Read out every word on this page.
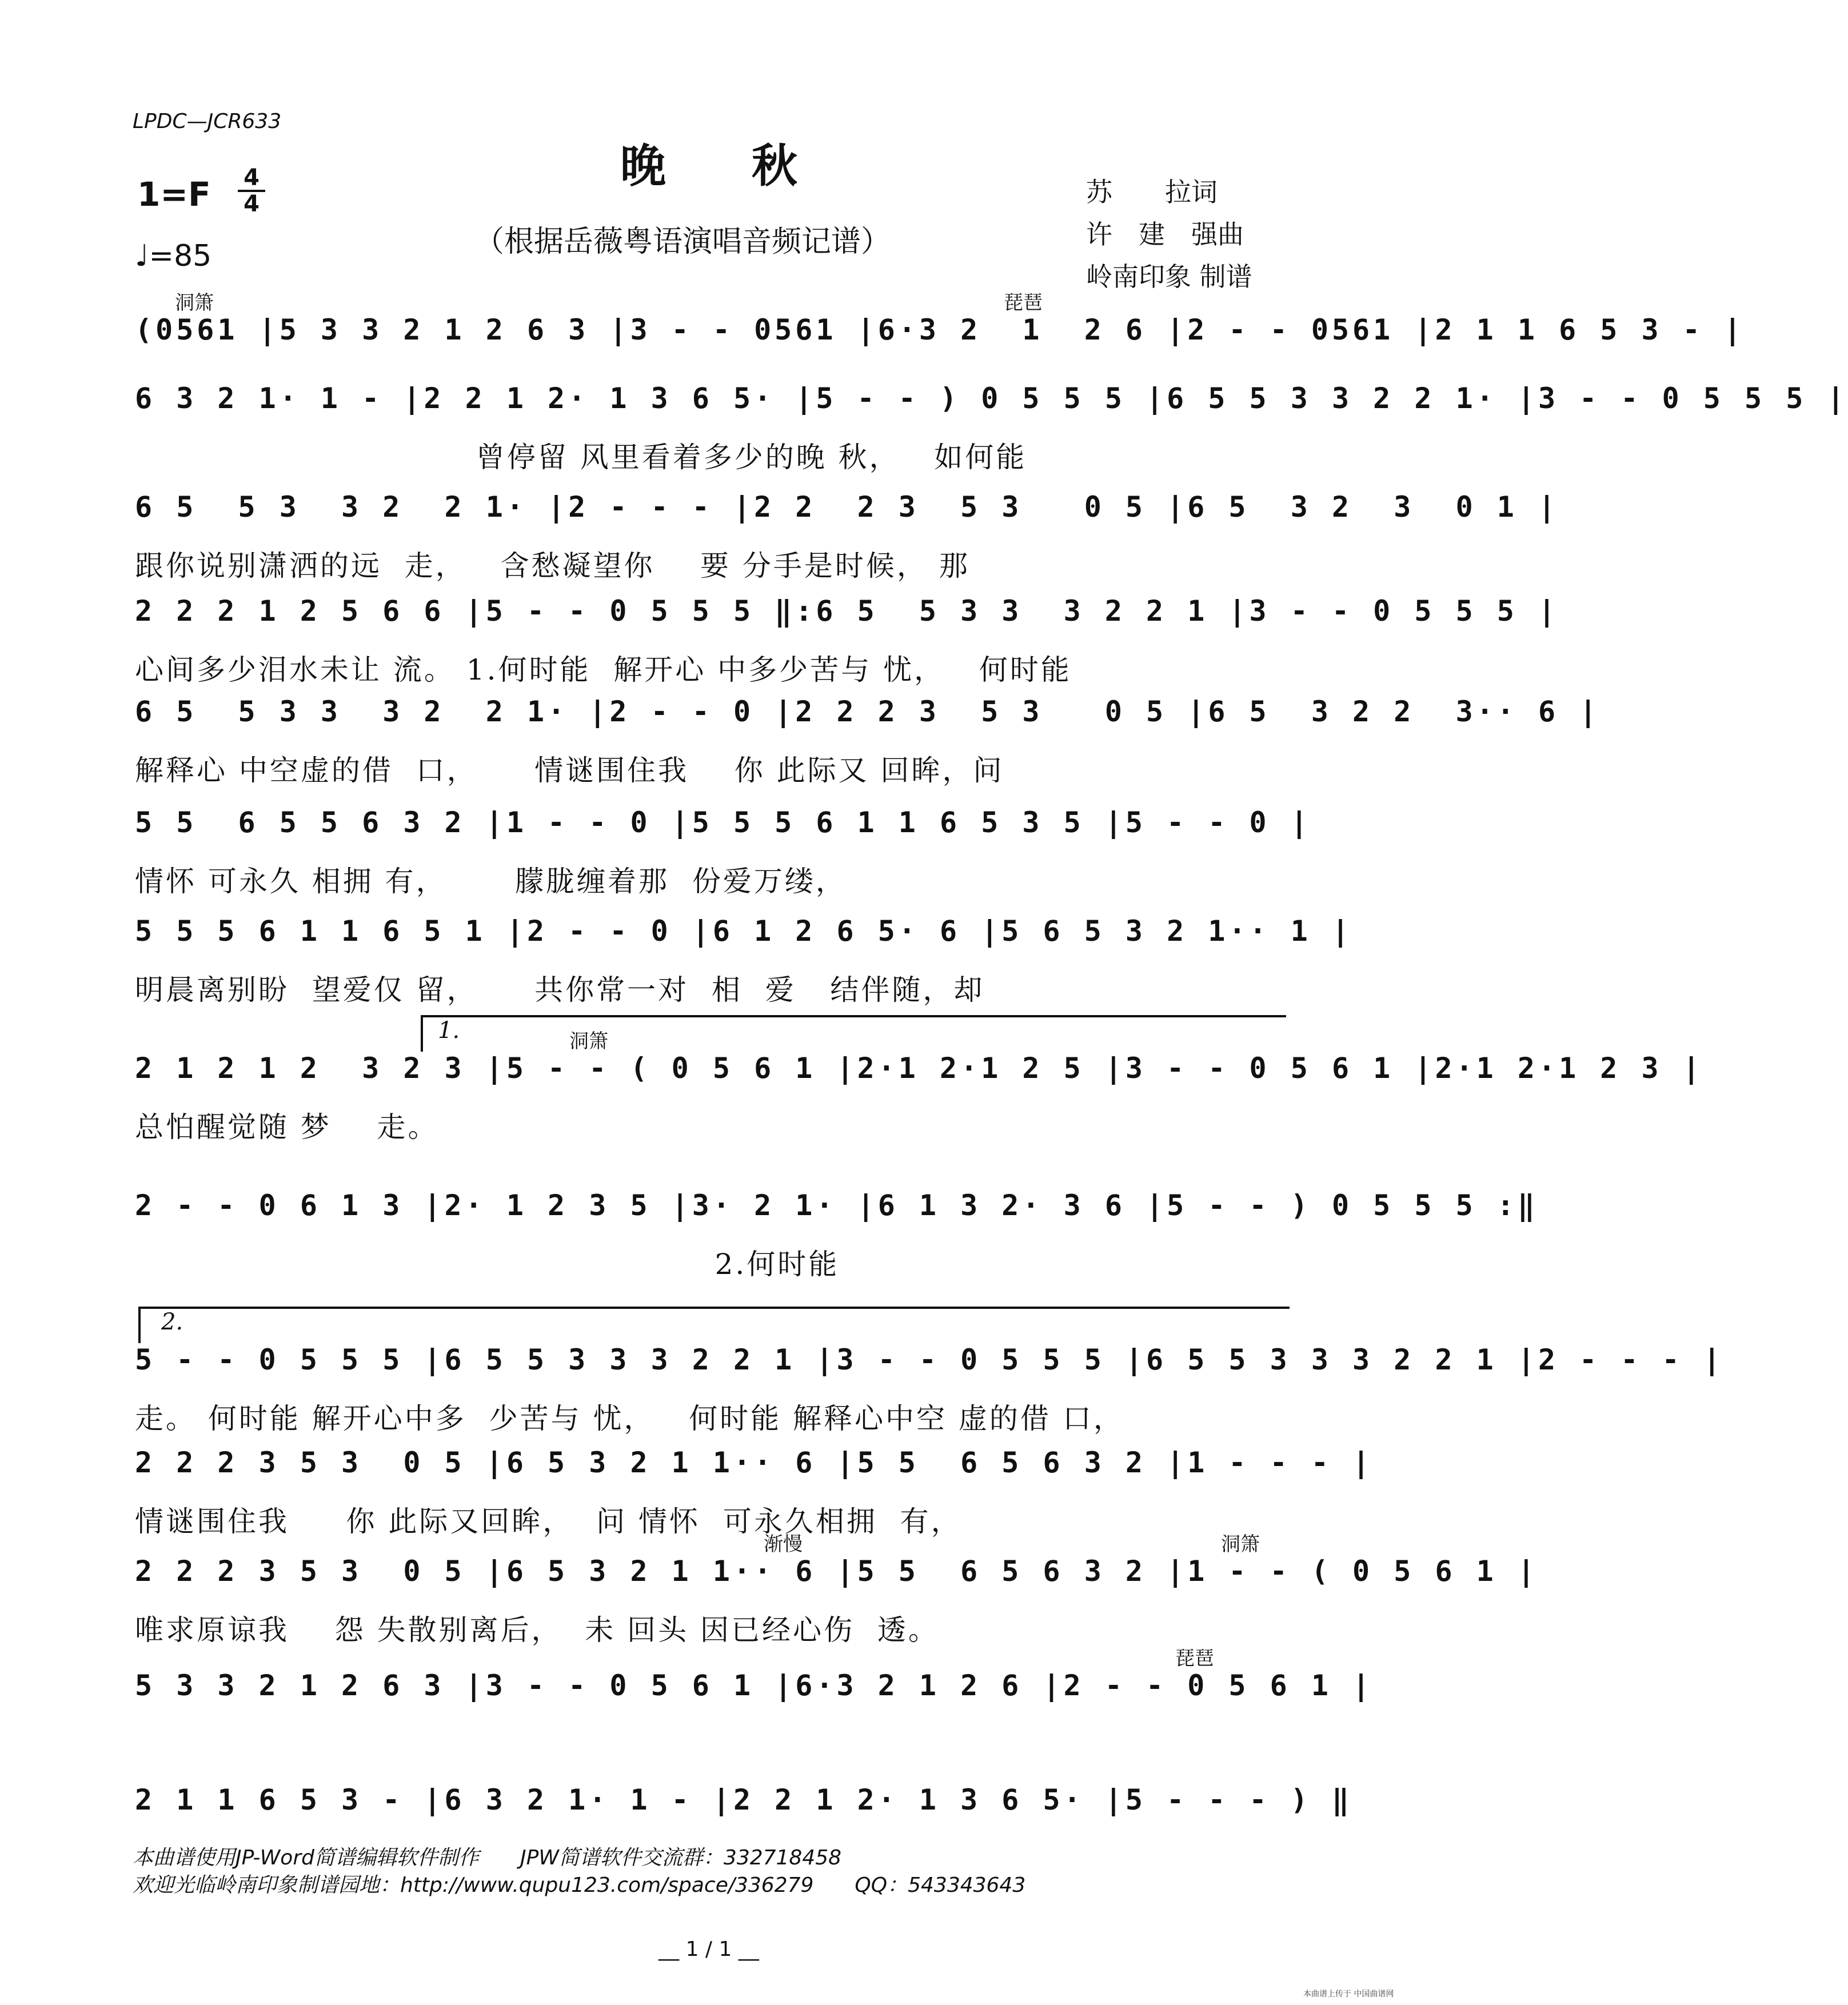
LPDC—JCR633
晚秋
（根据岳薇粤语演唱音频记谱）
1=F	4
4
♩=85
苏　　拉词
许　建　强曲
岭南印象 制谱
(0561 |5 3 3 2 1 2 6 3 |3 - - 0561 |6·3 2  1  2 6 |2 - - 0561 |2 1 1 6 5 3 - |
洞箫	琵琶
6 3 2 1· 1 - |2 2 1 2· 1 3 6 5· |5 - - ) 0 5 5 5 |6 5 5 3 3 2 2 1· |3 - - 0 5 5 5 |
曾停留 风里看着多少的晚 秋，   如何能
6 5  5 3  3 2  2 1· |2 - - - |2 2  2 3  5 3   0 5 |6 5  3 2  3  0 1 |
跟你说别潇洒的远  走，   含愁凝望你    要 分手是时候， 那
2 2 2 1 2 5 6 6 |5 - - 0 5 5 5 ‖:6 5  5 3 3  3 2 2 1 |3 - - 0 5 5 5 |
心间多少泪水未让 流。 1.何时能  解开心 中多少苦与 忧，   何时能
6 5  5 3 3  3 2  2 1· |2 - - 0 |2 2 2 3  5 3   0 5 |6 5  3 2 2  3·· 6 |
解释心 中空虚的借  口，     情谜围住我    你 此际又 回眸，问
5 5  6 5 5 6 3 2 |1 - - 0 |5 5 5 6 1 1 6 5 3 5 |5 - - 0 |
情怀 可永久 相拥 有，      朦胧缠着那  份爱万缕，
5 5 5 6 1 1 6 5 1 |2 - - 0 |6 1 2 6 5· 6 |5 6 5 3 2 1·· 1 |
明晨离别盼  望爱仅 留，     共你常一对  相  爱   结伴随，却
2 1 2 1 2  3 2 3 |5 - - ( 0 5 6 1 |2·1 2·1 2 5 |3 - - 0 5 6 1 |2·1 2·1 2 3 |
总怕醒觉随 梦    走。
洞箫
1.
2 - - 0 6 1 3 |2· 1 2 3 5 |3· 2 1· |6 1 3 2· 3 6 |5 - - ) 0 5 5 5 :‖
2.何时能
5 - - 0 5 5 5 |6 5 5 3 3 3 2 2 1 |3 - - 0 5 5 5 |6 5 5 3 3 3 2 2 1 |2 - - - |
走。 何时能 解开心中多  少苦与 忧，   何时能 解释心中空 虚的借 口，
2.
2 2 2 3 5 3  0 5 |6 5 3 2 1 1·· 6 |5 5  6 5 6 3 2 |1 - - - |
情谜围住我     你 此际又回眸，  问 情怀  可永久相拥  有，
2 2 2 3 5 3  0 5 |6 5 3 2 1 1·· 6 |5 5  6 5 6 3 2 |1 - - ( 0 5 6 1 |
唯求原谅我    怨 失散别离后，  未 回头 因已经心伤  透。
洞箫
渐慢
5 3 3 2 1 2 6 3 |3 - - 0 5 6 1 |6·3 2 1 2 6 |2 - - 0 5 6 1 |
琵琶
2 1 1 6 5 3 - |6 3 2 1· 1 - |2 2 1 2· 1 3 6 5· |5 - - - ) ‖
本曲谱使用JP-Word简谱编辑软件制作　　JPW简谱软件交流群：332718458
欢迎光临岭南印象制谱园地：http://www.qupu123.com/space/336279　　QQ：543343643
__ 1 / 1 __
本曲谱上传于 中国曲谱网
